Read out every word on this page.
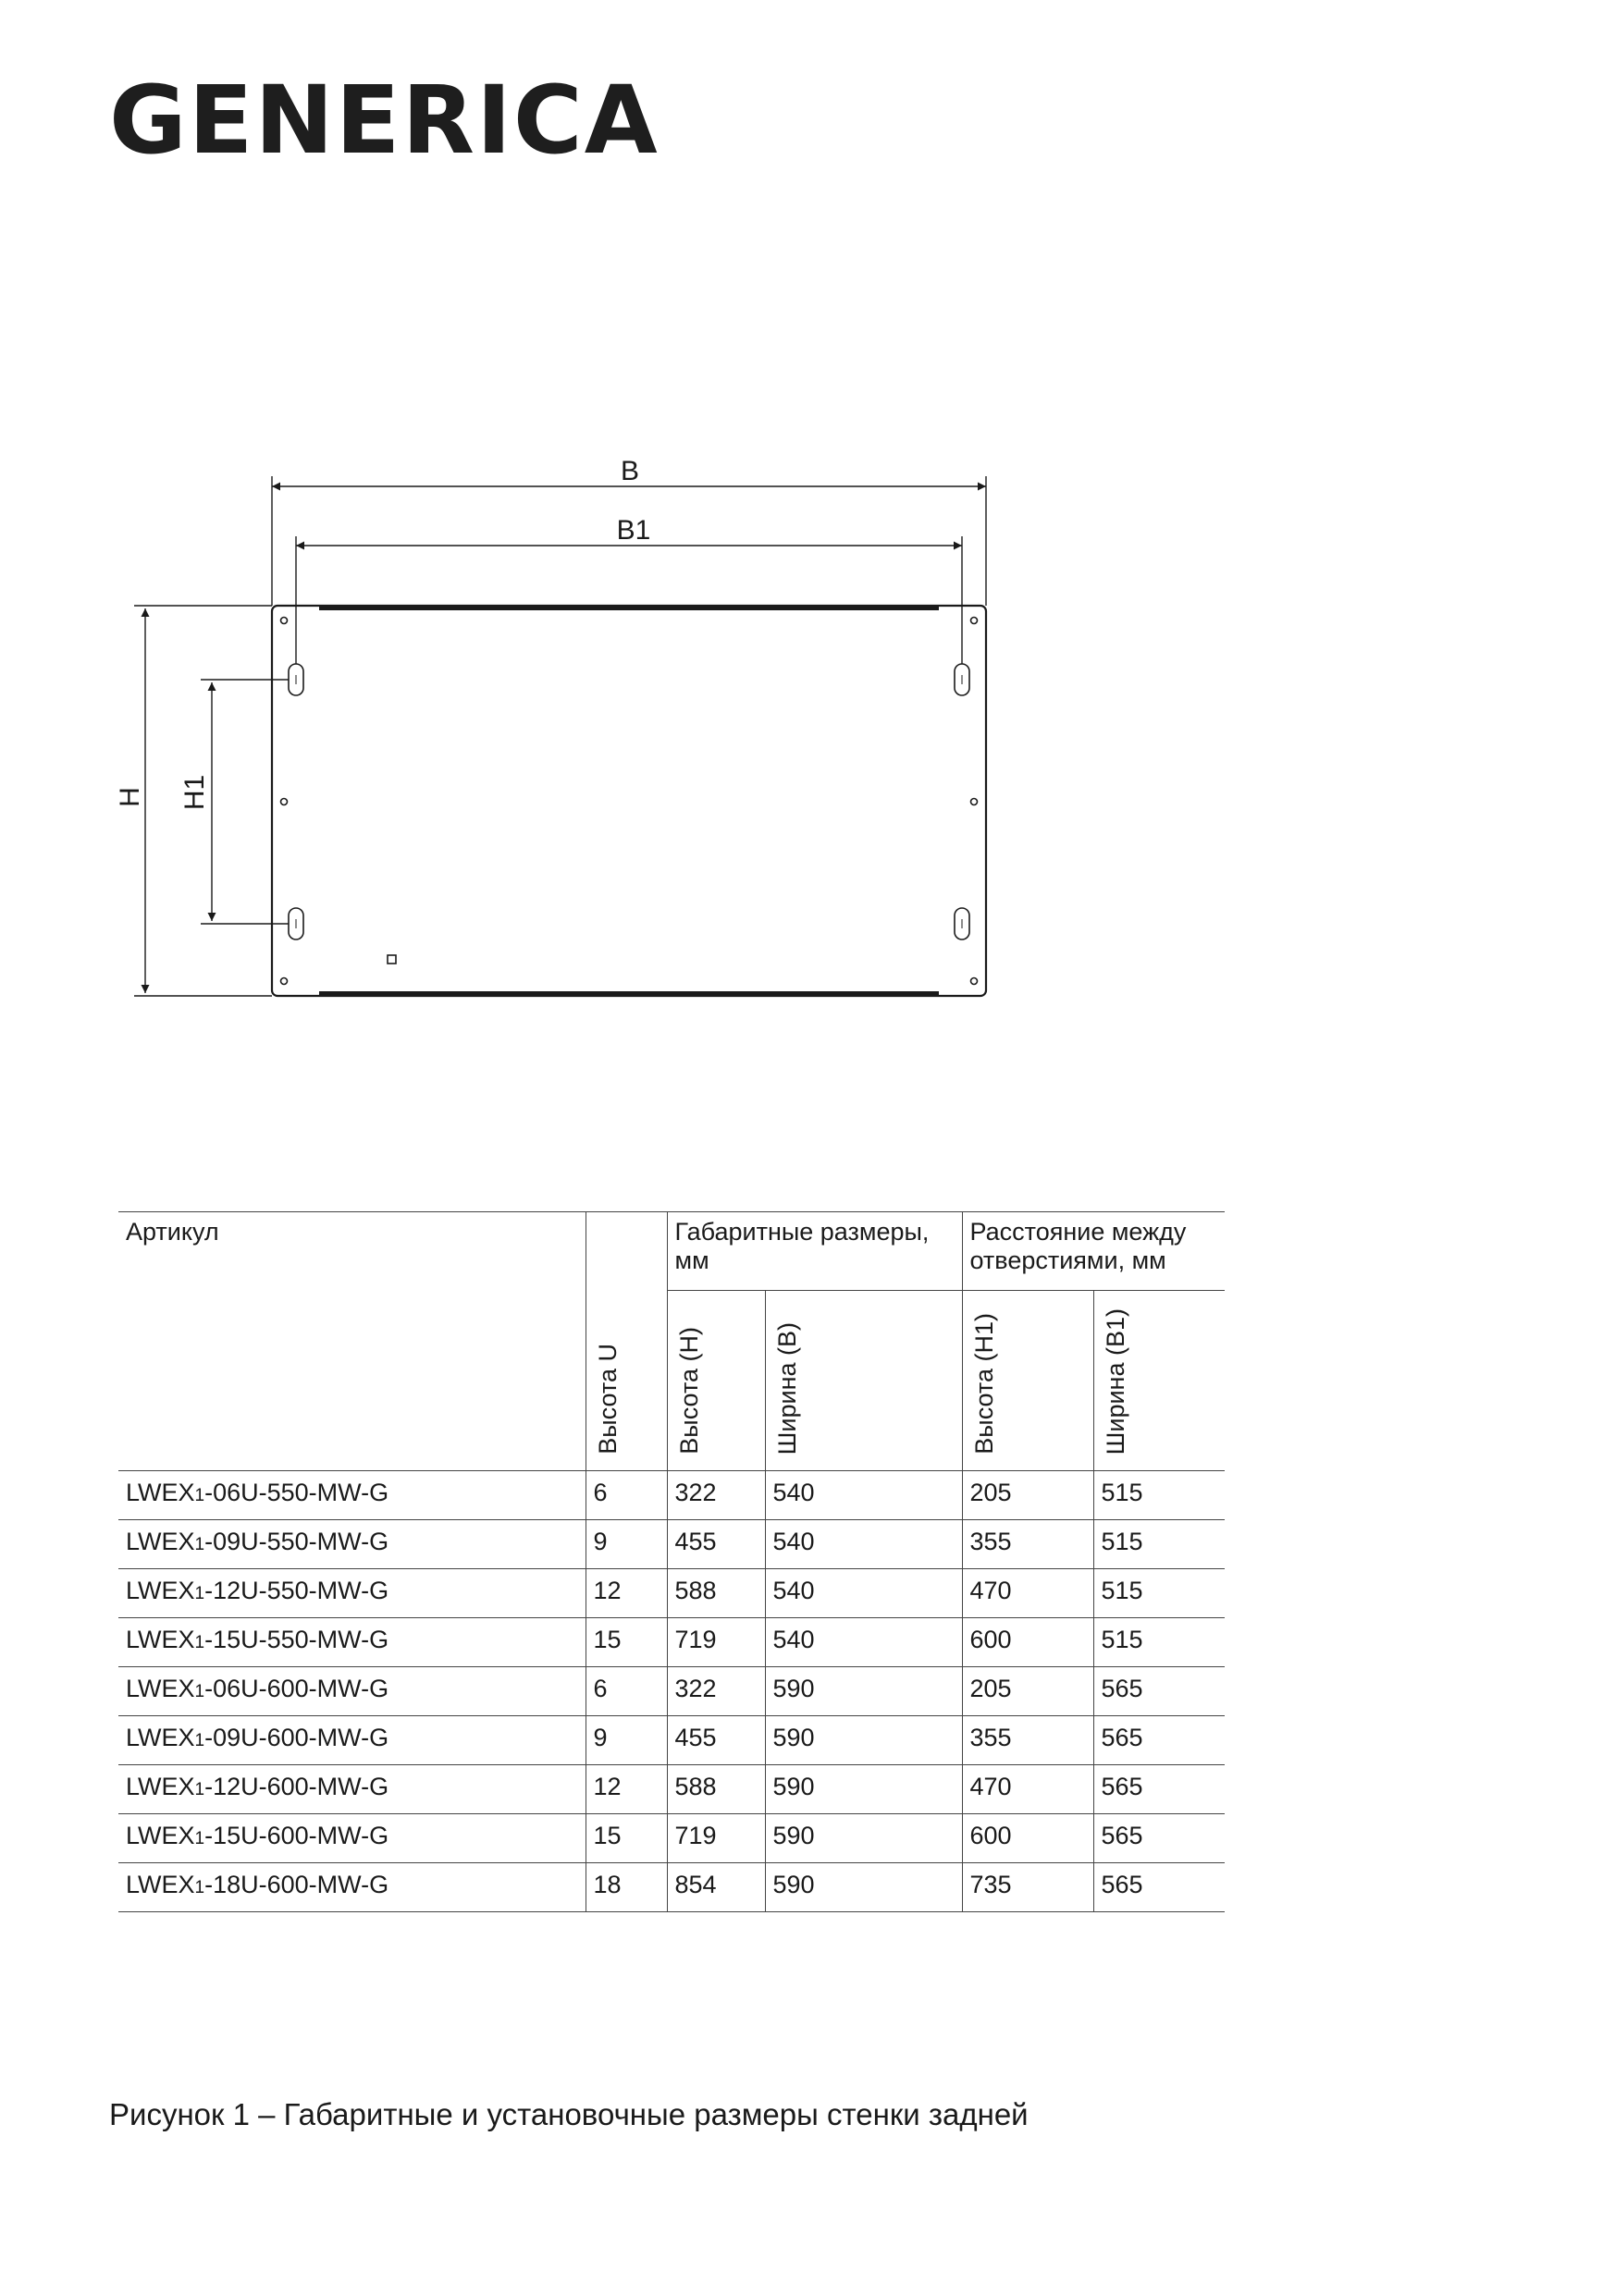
GENERICA
B
B1
H H1
Артикул	Высота U	Габаритные размеры, мм		Расстояние между отверстиями, мм	
		Высота (H)	Ширина (B)	Высота (H1)	Ширина (B1)
LWEX1-06U-550-MW-G	6	322	540	205	515
LWEX1-09U-550-MW-G	9	455	540	355	515
LWEX1-12U-550-MW-G	12	588	540	470	515
LWEX1-15U-550-MW-G	15	719	540	600	515
LWEX1-06U-600-MW-G	6	322	590	205	565
LWEX1-09U-600-MW-G	9	455	590	355	565
LWEX1-12U-600-MW-G	12	588	590	470	565
LWEX1-15U-600-MW-G	15	719	590	600	565
LWEX1-18U-600-MW-G	18	854	590	735	565
Рисунок 1 – Габаритные и установочные размеры стенки задней
